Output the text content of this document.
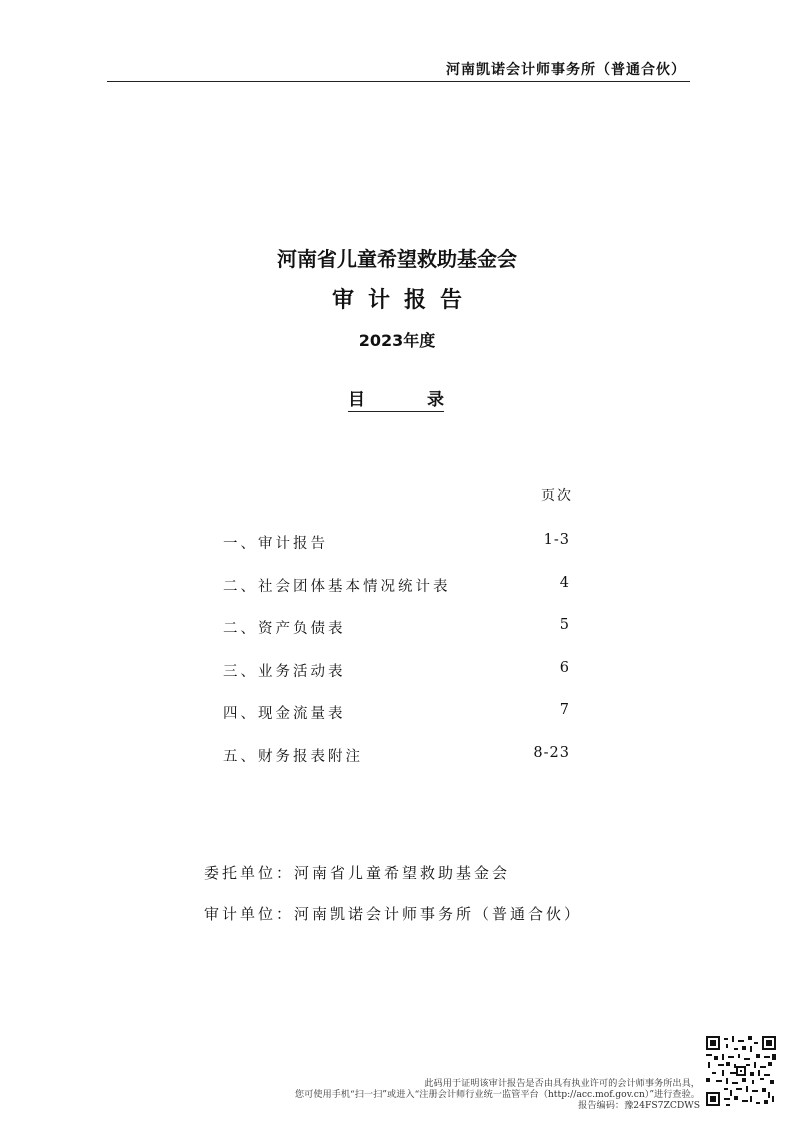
河南凯诺会计师事务所（普通合伙）
河南省儿童希望救助基金会
审计报告
2023年度
目	录
页次
一、审计报告	1-3
二、社会团体基本情况统计表	4
二、资产负债表	5
三、业务活动表	6
四、现金流量表	7
五、财务报表附注	8-23
委托单位：河南省儿童希望救助基金会
审计单位：河南凯诺会计师事务所（普通合伙）
此码用于证明该审计报告是否由具有执业许可的会计师事务所出具，
您可使用手机“扫一扫”或进入“注册会计师行业统一监管平台（http://acc.mof.gov.cn）”进行查验。
报告编码：豫24FS7ZCDWS
